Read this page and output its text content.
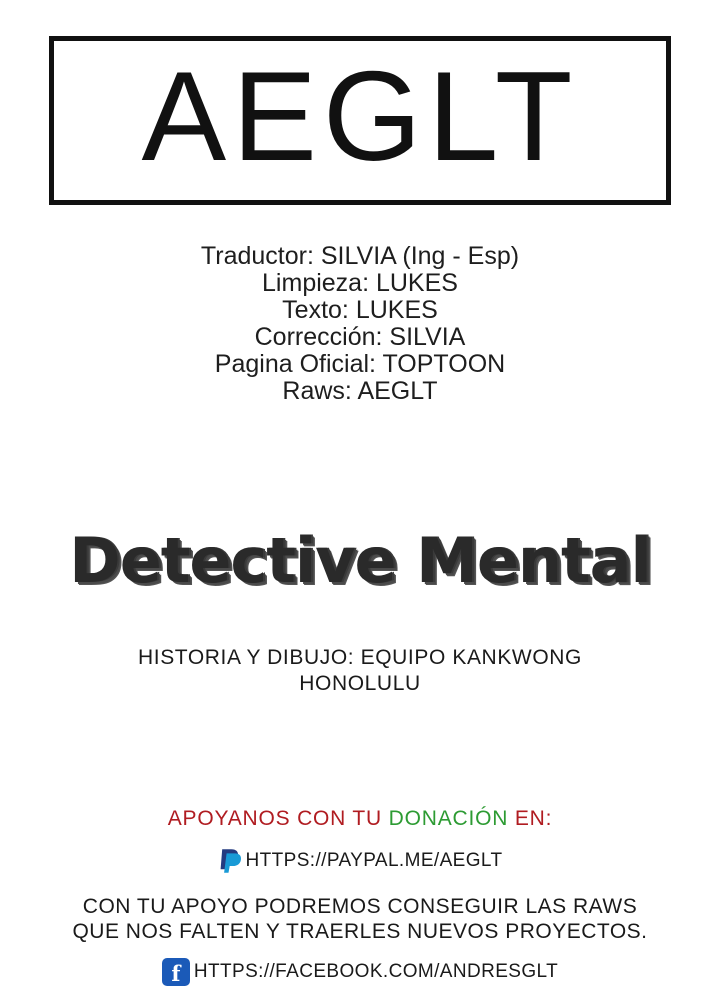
AEGLT
Traductor: SILVIA (Ing - Esp)
Limpieza: LUKES
Texto: LUKES
Corrección: SILVIA
Pagina Oficial: TOPTOON
Raws: AEGLT
Detective Mental
HISTORIA Y DIBUJO: EQUIPO KANKWONG
HONOLULU
APOYANOS CON TU DONACIÓN EN:
HTTPS://PAYPAL.ME/AEGLT
CON TU APOYO PODREMOS CONSEGUIR LAS RAWS
QUE NOS FALTEN Y TRAERLES NUEVOS PROYECTOS.
f HTTPS://FACEBOOK.COM/ANDRESGLT
